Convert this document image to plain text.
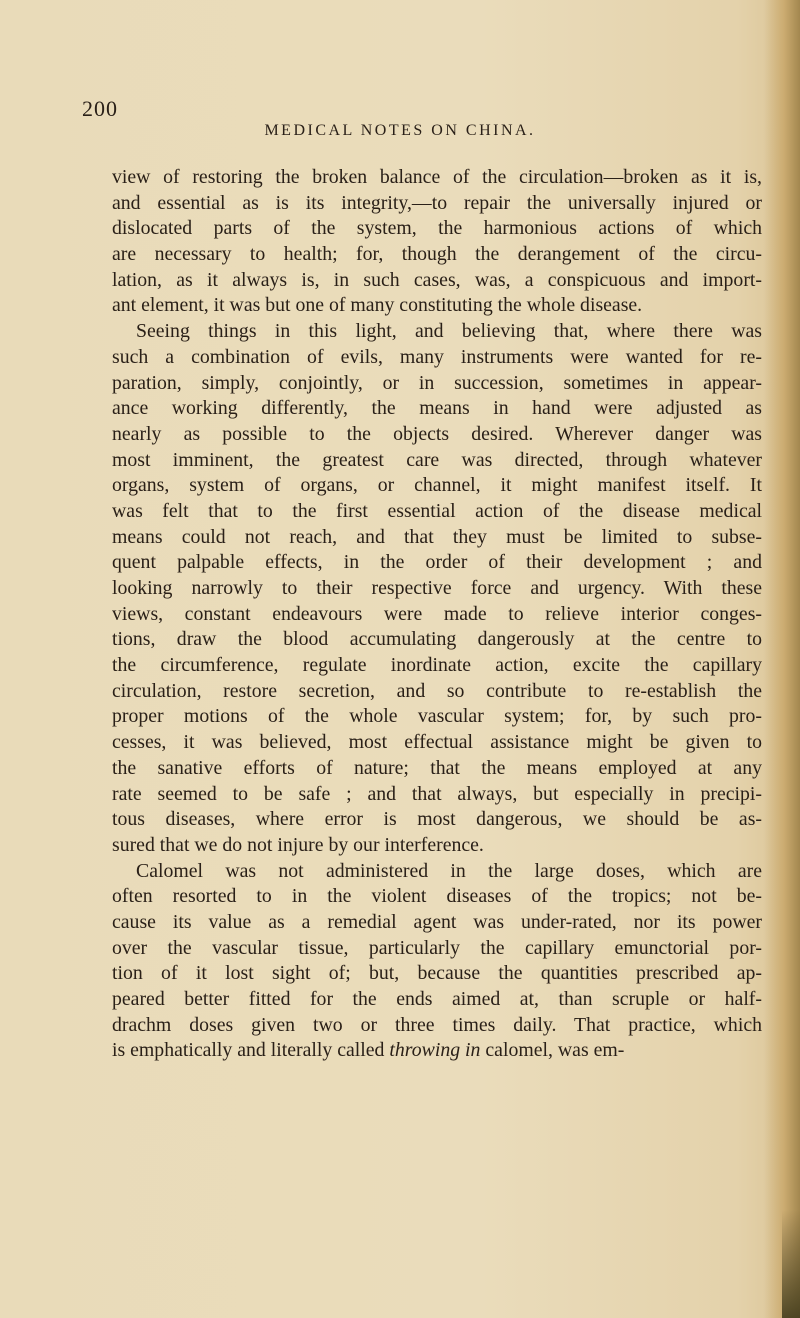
200
MEDICAL NOTES ON CHINA.
view of restoring the broken balance of the circulation—broken as it is,
and essential as is its integrity,—to repair the universally injured or
dislocated parts of the system, the harmonious actions of which
are necessary to health; for, though the derangement of the circu-
lation, as it always is, in such cases, was, a conspicuous and import-
ant element, it was but one of many constituting the whole disease.
Seeing things in this light, and believing that, where there was
such a combination of evils, many instruments were wanted for re-
paration, simply, conjointly, or in succession, sometimes in appear-
ance working differently, the means in hand were adjusted as
nearly as possible to the objects desired. Wherever danger was
most imminent, the greatest care was directed, through whatever
organs, system of organs, or channel, it might manifest itself. It
was felt that to the first essential action of the disease medical
means could not reach, and that they must be limited to subse-
quent palpable effects, in the order of their development ; and
looking narrowly to their respective force and urgency. With these
views, constant endeavours were made to relieve interior conges-
tions, draw the blood accumulating dangerously at the centre to
the circumference, regulate inordinate action, excite the capillary
circulation, restore secretion, and so contribute to re-establish the
proper motions of the whole vascular system; for, by such pro-
cesses, it was believed, most effectual assistance might be given to
the sanative efforts of nature; that the means employed at any
rate seemed to be safe ; and that always, but especially in precipi-
tous diseases, where error is most dangerous, we should be as-
sured that we do not injure by our interference.
Calomel was not administered in the large doses, which are
often resorted to in the violent diseases of the tropics; not be-
cause its value as a remedial agent was under-rated, nor its power
over the vascular tissue, particularly the capillary emunctorial por-
tion of it lost sight of; but, because the quantities prescribed ap-
peared better fitted for the ends aimed at, than scruple or half-
drachm doses given two or three times daily. That practice, which
is emphatically and literally called throwing in calomel, was em-
